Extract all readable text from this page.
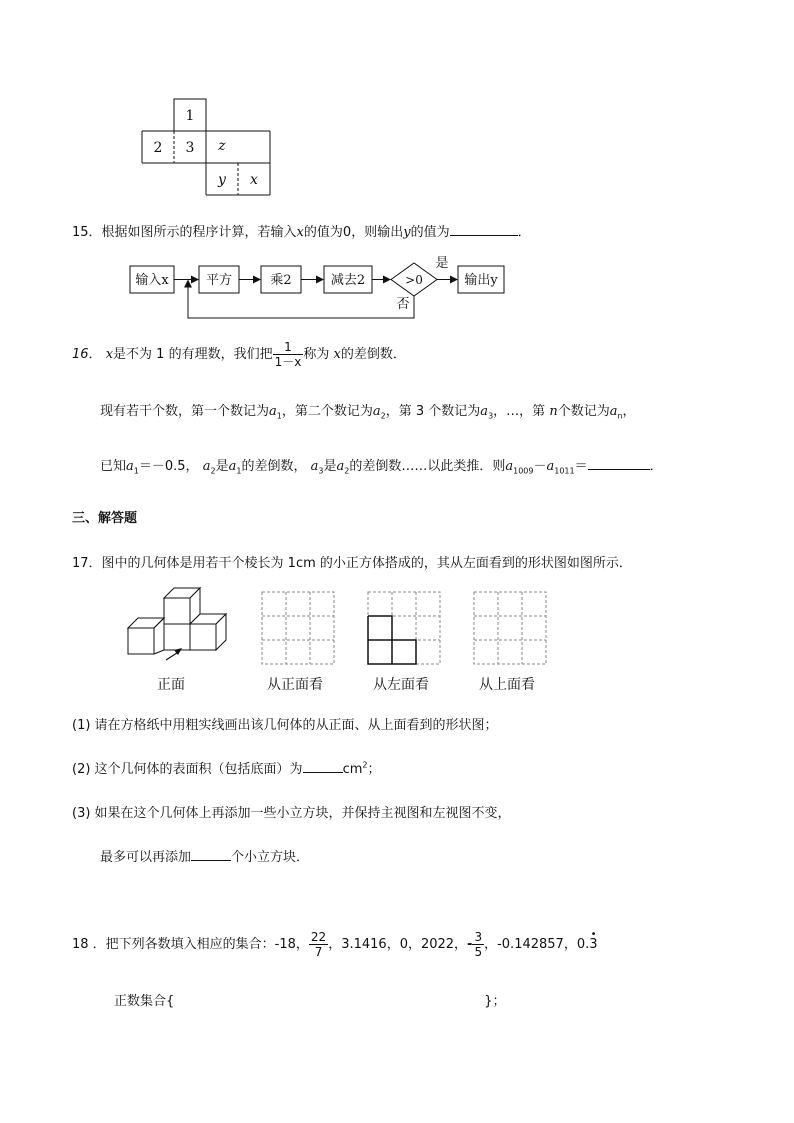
1
2 3 z
y x
15．根据如图所示的程序计算，若输入x的值为0，则输出y的值为	．
输入x	平方	乘2	减去2	>0
是
否
输出y
16． x是不为 1 的有理数，我们把 $\frac{1}{1-x}$ 称为 x的差倒数．
现有若干个数，第一个数记为$a_1$，第二个数记为$a_2$，第 3 个数记为$a_3$，…，第 n个数记为$a_n$，
已知$a_1=-0.5$， $a_2$是$a_1$的差倒数， $a_3$是$a_2$的差倒数……以此类推．则$a_{1009}-a_{1011}=$	．
三、解答题
17．图中的几何体是用若干个棱长为 1cm 的小正方体搭成的，其从左面看到的形状图如图所示．
正面	从正面看	从左面看	从上面看
(1) 请在方格纸中用粗实线画出该几何体的从正面、从上面看到的形状图；
(2) 这个几何体的表面积（包括底面）为	$cm^2$；
(3) 如果在这个几何体上再添加一些小立方块，并保持主视图和左视图不变，
最多可以再添加	个小立方块．
18 ．把下列各数填入相应的集合：-18， $\frac{22}{7}$ ，3.1416，0，2022，- $\frac{3}{5}$ ，-0.142857，0.3
•
正数集合{	}；
